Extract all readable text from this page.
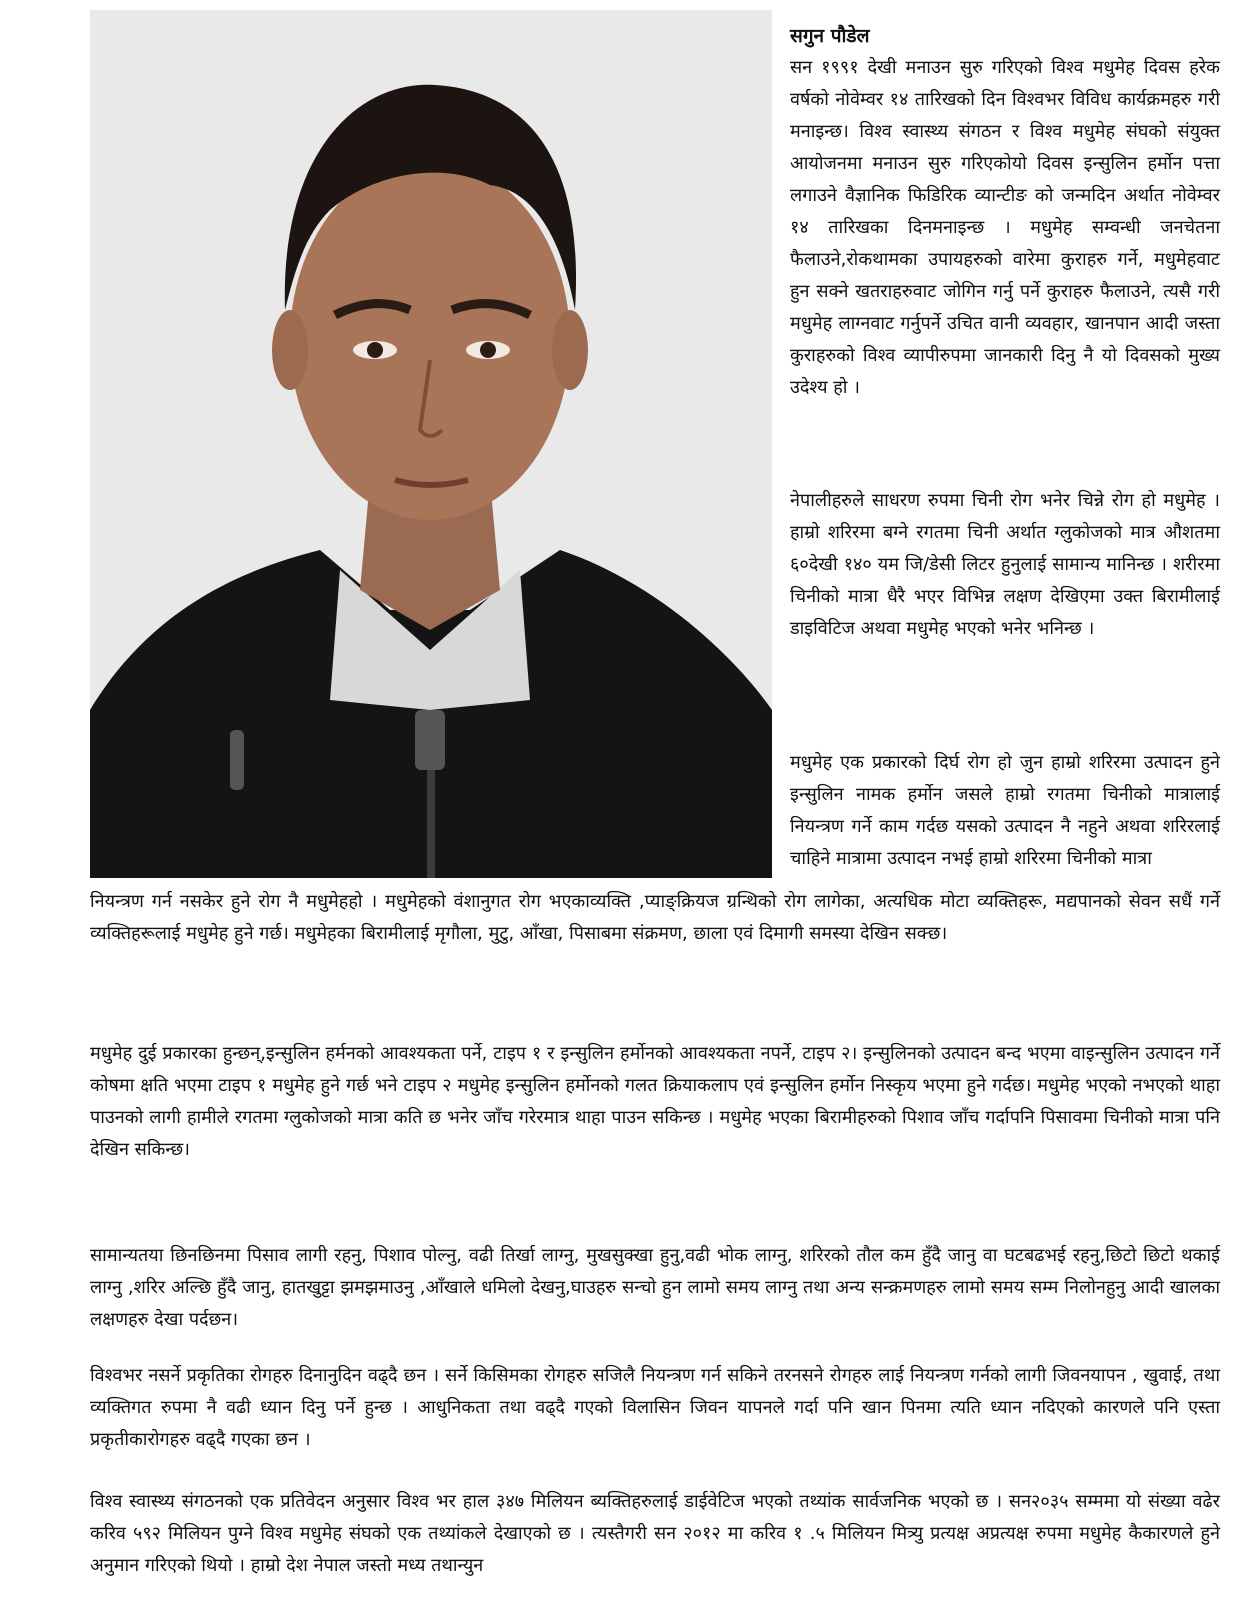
सगुन पौडेल

सन १९९१ देखी मनाउन सुरु गरिएको विश्व मधुमेह दिवस हरेक वर्षको नोवेम्वर १४ तारिखको दिन विश्वभर विविध कार्यक्रमहरु गरी मनाइन्छ। विश्व स्वास्थ्य संगठन र विश्व मधुमेह संघको संयुक्त आयोजनमा मनाउन सुरु गरिएकोयो दिवस इन्सुलिन हर्मोन पत्ता लगाउने वैज्ञानिक फिडिरिक व्यान्टीङ को जन्मदिन अर्थात नोवेम्वर १४ तारिखका दिनमनाइन्छ । मधुमेह सम्वन्धी जनचेतना फैलाउने,रोकथामका उपायहरुको वारेमा कुराहरु गर्ने, मधुमेहवाट हुन सक्ने खतराहरुवाट जोगिन गर्नु पर्ने कुराहरु फैलाउने, त्यसै गरी मधुमेह लाग्नवाट गर्नुपर्ने उचित वानी व्यवहार, खानपान आदी जस्ता कुराहरुको विश्व व्यापीरुपमा जानकारी दिनु नै यो दिवसको मुख्य उदेश्य हो ।

नेपालीहरुले साधरण रुपमा चिनी रोग भनेर चिन्ने रोग हो मधुमेह । हाम्रो शरिरमा बग्ने रगतमा चिनी अर्थात ग्लुकोजको मात्र औशतमा ६०देखी १४० यम जि/डेसी लिटर हुनुलाई सामान्य मानिन्छ । शरीरमा चिनीको मात्रा धैरै भएर विभिन्न लक्षण देखिएमा उक्त बिरामीलाई डाइविटिज अथवा मधुमेह भएको भनेर भनिन्छ ।

मधुमेह एक प्रकारको दिर्घ रोग हो जुन हाम्रो शरिरमा उत्पादन हुने इन्सुलिन नामक हर्मोन जसले हाम्रो रगतमा चिनीको मात्रालाई नियन्त्रण गर्ने काम गर्दछ यसको उत्पादन नै नहुने अथवा शरिरलाई चाहिने मात्रामा उत्पादन नभई हाम्रो शरिरमा चिनीको मात्रा

नियन्त्रण गर्न नसकेर हुने रोग नै मधुमेहहो । मधुमेहको वंशानुगत रोग भएकाव्यक्ति ,प्याङ्क्रियज ग्रन्थिको रोग लागेका, अत्यधिक मोटा व्यक्तिहरू, मद्यपानको सेवन सधैं गर्ने व्यक्तिहरूलाई मधुमेह हुने गर्छ। मधुमेहका बिरामीलाई मृगौला, मुटु, आँखा, पिसाबमा संक्रमण, छाला एवं दिमागी समस्या देखिन सक्छ।

मधुमेह दुई प्रकारका हुन्छन्,इन्सुलिन हर्मनको आवश्यकता पर्ने, टाइप १ र इन्सुलिन हर्मोनको आवश्यकता नपर्ने, टाइप २। इन्सुलिनको उत्पादन बन्द भएमा वाइन्सुलिन उत्पादन गर्ने कोषमा क्षति भएमा टाइप १ मधुमेह हुने गर्छ भने टाइप २ मधुमेह इन्सुलिन हर्मोनको गलत क्रियाकलाप एवं इन्सुलिन हर्मोन निस्कृय भएमा हुने गर्दछ। मधुमेह भएको नभएको थाहा पाउनको लागी हामीले रगतमा ग्लुकोजको मात्रा कति छ भनेर जाँच गरेरमात्र थाहा पाउन सकिन्छ । मधुमेह भएका बिरामीहरुको पिशाव जाँच गर्दापनि पिसावमा चिनीको मात्रा पनि देखिन सकिन्छ।

सामान्यतया छिनछिनमा पिसाव लागी रहनु, पिशाव पोल्नु, वढी तिर्खा लाग्नु, मुखसुक्खा हुनु,वढी भोक लाग्नु, शरिरको तौल कम हुँदै जानु वा घटबढभई रहनु,छिटो छिटो थकाई लाग्नु ,शरिर अल्छि हुँदै जानु, हातखुट्टा झमझमाउनु ,आँखाले धमिलो देखनु,घाउहरु सन्चो हुन लामो समय लाग्नु तथा अन्य सन्क्रमणहरु लामो समय सम्म निलोनहुनु आदी खालका लक्षणहरु देखा पर्दछन।

विश्वभर नसर्ने प्रकृतिका रोगहरु दिनानुदिन वढ्दै छन । सर्ने किसिमका रोगहरु सजिलै नियन्त्रण गर्न सकिने तरनसने रोगहरु लाई नियन्त्रण गर्नको लागी जिवनयापन , खुवाई, तथा व्यक्तिगत रुपमा नै वढी ध्यान दिनु पर्ने हुन्छ । आधुनिकता तथा वढ्दै गएको विलासिन जिवन यापनले गर्दा पनि खान पिनमा त्यति ध्यान नदिएको कारणले पनि एस्ता प्रकृतीकारोगहरु वढ्दै गएका छन ।

विश्व स्वास्थ्य संगठनको एक प्रतिवेदन अनुसार विश्व भर हाल ३४७ मिलियन ब्यक्तिहरुलाई डाईवेटिज भएको तथ्यांक सार्वजनिक भएको छ । सन२०३५ सम्ममा यो संख्या वढेर करिव ५९२ मिलियन पुग्ने विश्व मधुमेह संघको एक तथ्यांकले देखाएको छ । त्यस्तैगरी सन २०१२ मा करिव १ .५ मिलियन मित्र्यु प्रत्यक्ष अप्रत्यक्ष रुपमा मधुमेह कैकारणले हुने अनुमान गरिएको थियो । हाम्रो देश नेपाल जस्तो मध्य तथान्युन
